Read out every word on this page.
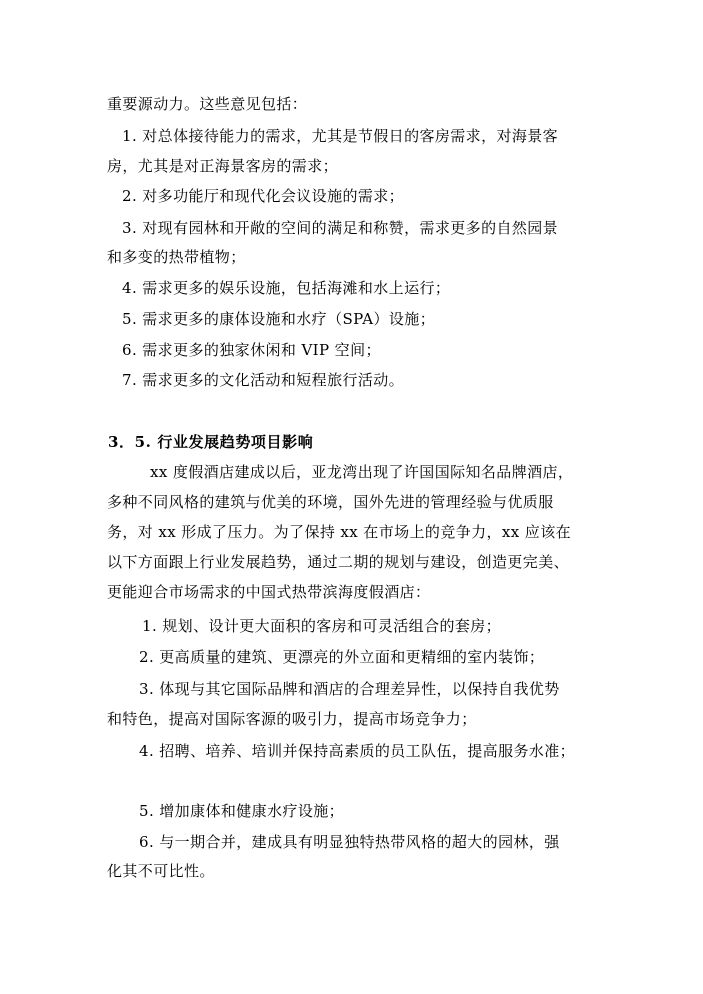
重要源动力。这些意见包括：
1. 对总体接待能力的需求，尤其是节假日的客房需求，对海景客
房，尤其是对正海景客房的需求；
2. 对多功能厅和现代化会议设施的需求；
3. 对现有园林和开敞的空间的满足和称赞，需求更多的自然园景
和多变的热带植物；
4. 需求更多的娱乐设施，包括海滩和水上运行；
5. 需求更多的康体设施和水疗（SPA）设施；
6. 需求更多的独家休闲和 VIP 空间；
7. 需求更多的文化活动和短程旅行活动。
3．5. 行业发展趋势项目影响
xx 度假酒店建成以后，亚龙湾出现了许国国际知名品牌酒店，
多种不同风格的建筑与优美的环境，国外先进的管理经验与优质服
务，对 xx 形成了压力。为了保持 xx 在市场上的竞争力，xx 应该在
以下方面跟上行业发展趋势，通过二期的规划与建设，创造更完美、
更能迎合市场需求的中国式热带滨海度假酒店：
1. 规划、设计更大面积的客房和可灵活组合的套房；
2. 更高质量的建筑、更漂亮的外立面和更精细的室内装饰；
3. 体现与其它国际品牌和酒店的合理差异性，以保持自我优势
和特色，提高对国际客源的吸引力，提高市场竞争力；
4. 招聘、培养、培训并保持高素质的员工队伍，提高服务水准；
5. 增加康体和健康水疗设施；
6. 与一期合并，建成具有明显独特热带风格的超大的园林，强
化其不可比性。
